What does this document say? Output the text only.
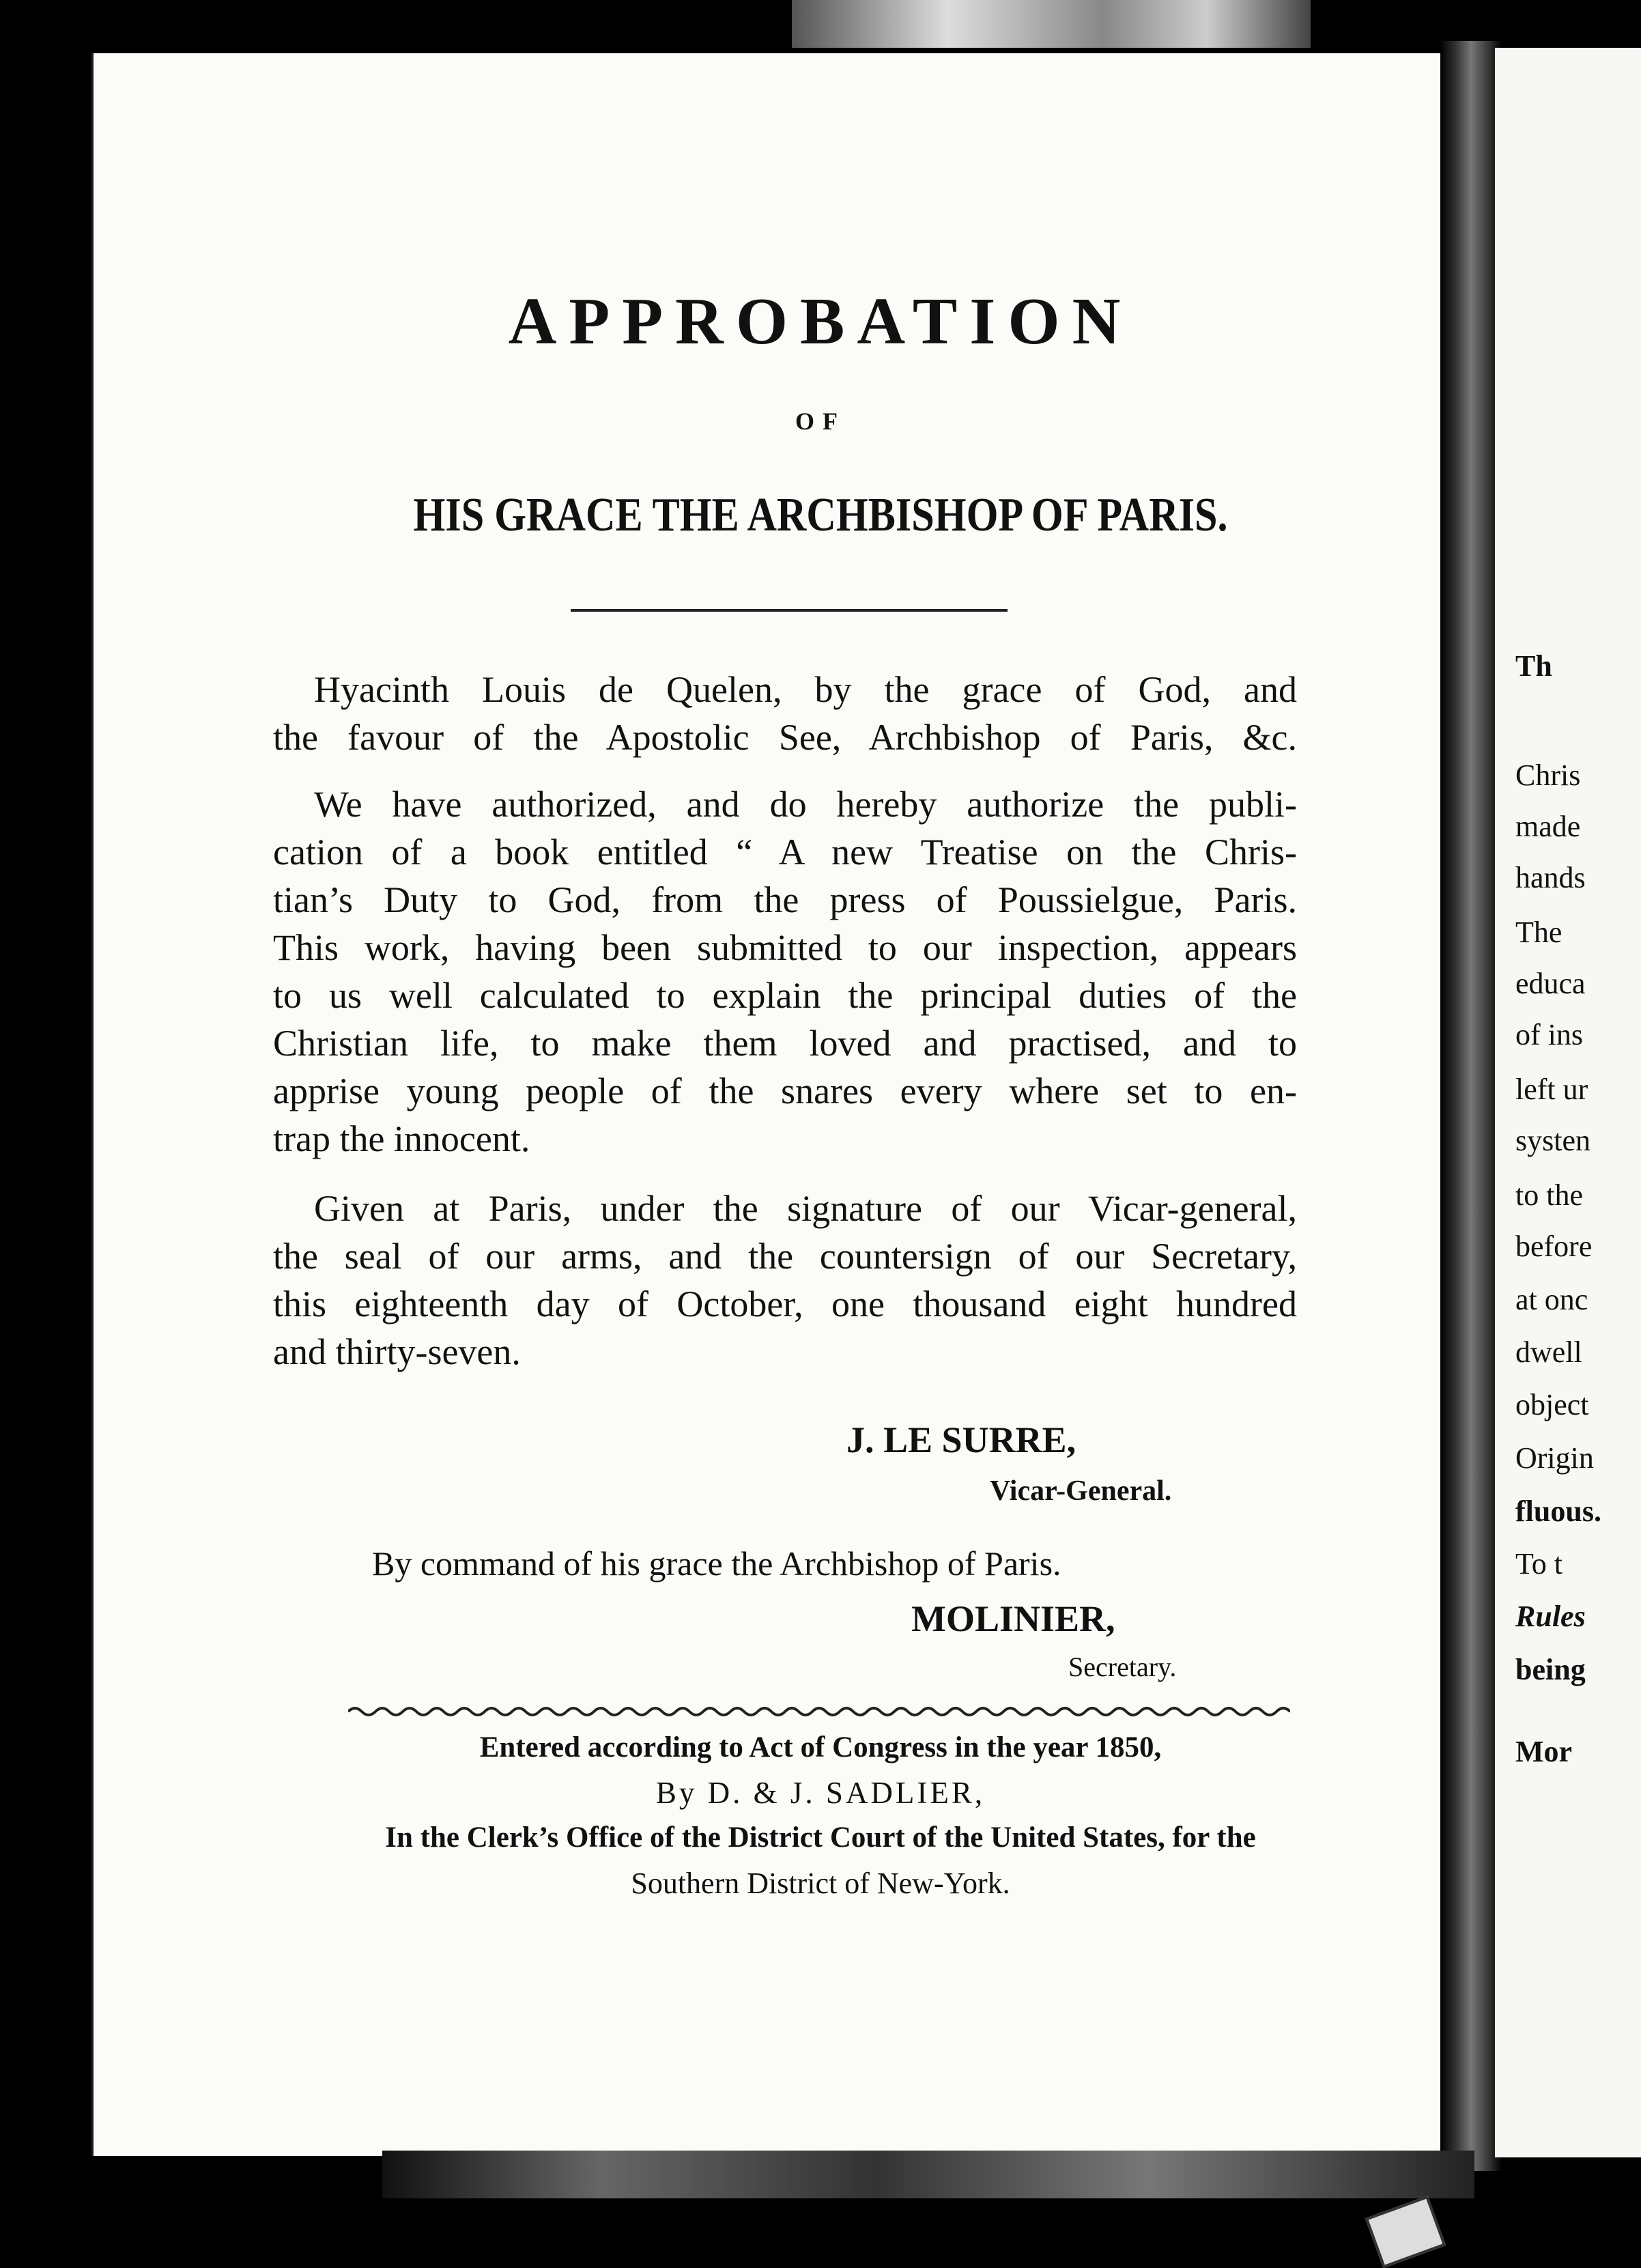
Th
Chris
made
hands
The
educa
of ins
left ur
systen
to the
before
at onc
dwell
object
Origin
fluous.
To t
Rules
being
Mor
APPROBATION
OF
HIS GRACE THE ARCHBISHOP OF PARIS.
Hyacinth Louis de Quelen, by the grace of God, and
the favour of the Apostolic See, Archbishop of Paris, &c.
We have authorized, and do hereby authorize the publi-
cation of a book entitled “ A new Treatise on the Chris-
tian’s Duty to God, from the press of Poussielgue, Paris.
This work, having been submitted to our inspection, appears
to us well calculated to explain the principal duties of the
Christian life, to make them loved and practised, and to
apprise young people of the snares every where set to en-
trap the innocent.
Given at Paris, under the signature of our Vicar-general,
the seal of our arms, and the countersign of our Secretary,
this eighteenth day of October, one thousand eight hundred
and thirty-seven.
J. LE SURRE,
Vicar-General.
By command of his grace the Archbishop of Paris.
MOLINIER,
Secretary.
Entered according to Act of Congress in the year 1850,
By D. & J. SADLIER,
In the Clerk’s Office of the District Court of the United States, for the
Southern District of New-York.
